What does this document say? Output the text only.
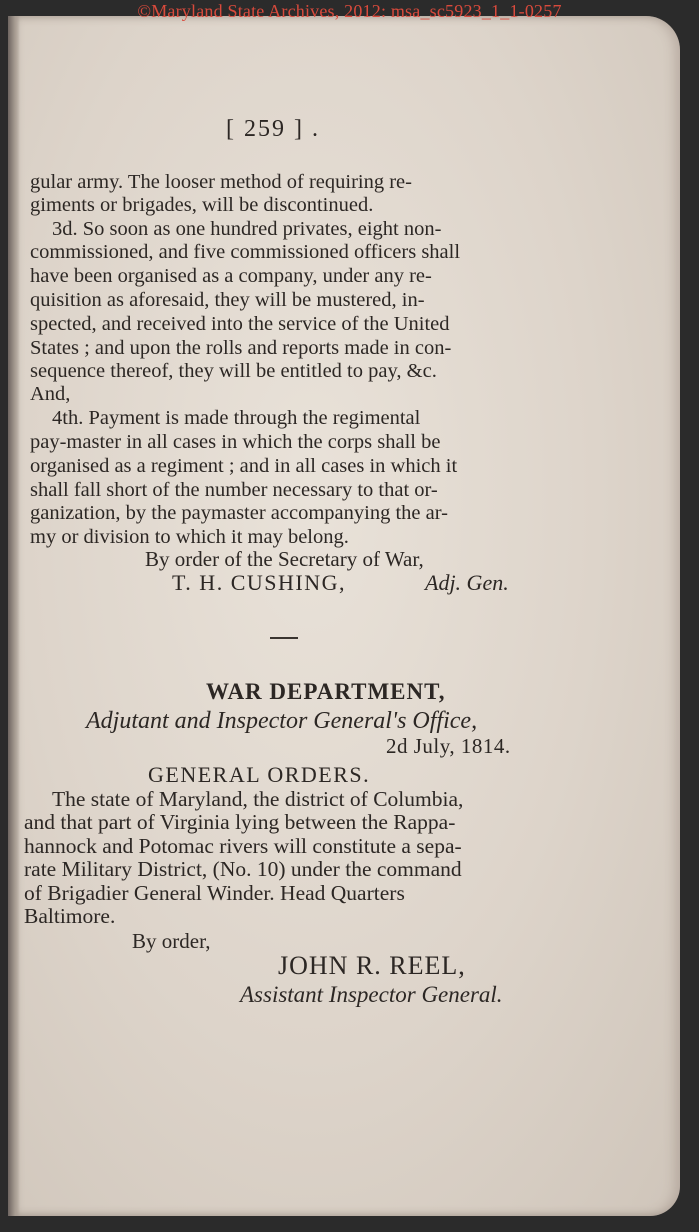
©Maryland State Archives, 2012: msa_sc5923_1_1-0257
[ 259 ] .
gular army. The looser method of requiring re-
giments or brigades, will be discontinued.
3d. So soon as one hundred privates, eight non-
commissioned, and five commissioned officers shall
have been organised as a company, under any re-
quisition as aforesaid, they will be mustered, in-
spected, and received into the service of the United
States ; and upon the rolls and reports made in con-
sequence thereof, they will be entitled to pay, &c.
And,
4th. Payment is made through the regimental
pay-master in all cases in which the corps shall be
organised as a regiment ; and in all cases in which it
shall fall short of the number necessary to that or-
ganization, by the paymaster accompanying the ar-
my or division to which it may belong.
By order of the Secretary of War,
T. H. CUSHING,	Adj. Gen.
WAR DEPARTMENT,
Adjutant and Inspector General's Office,
2d July, 1814.
GENERAL ORDERS.
The state of Maryland, the district of Columbia,
and that part of Virginia lying between the Rappa-
hannock and Potomac rivers will constitute a sepa-
rate Military District, (No. 10) under the command
of Brigadier General Winder. Head Quarters
Baltimore.
By order,
JOHN R. REEL,
Assistant Inspector General.
